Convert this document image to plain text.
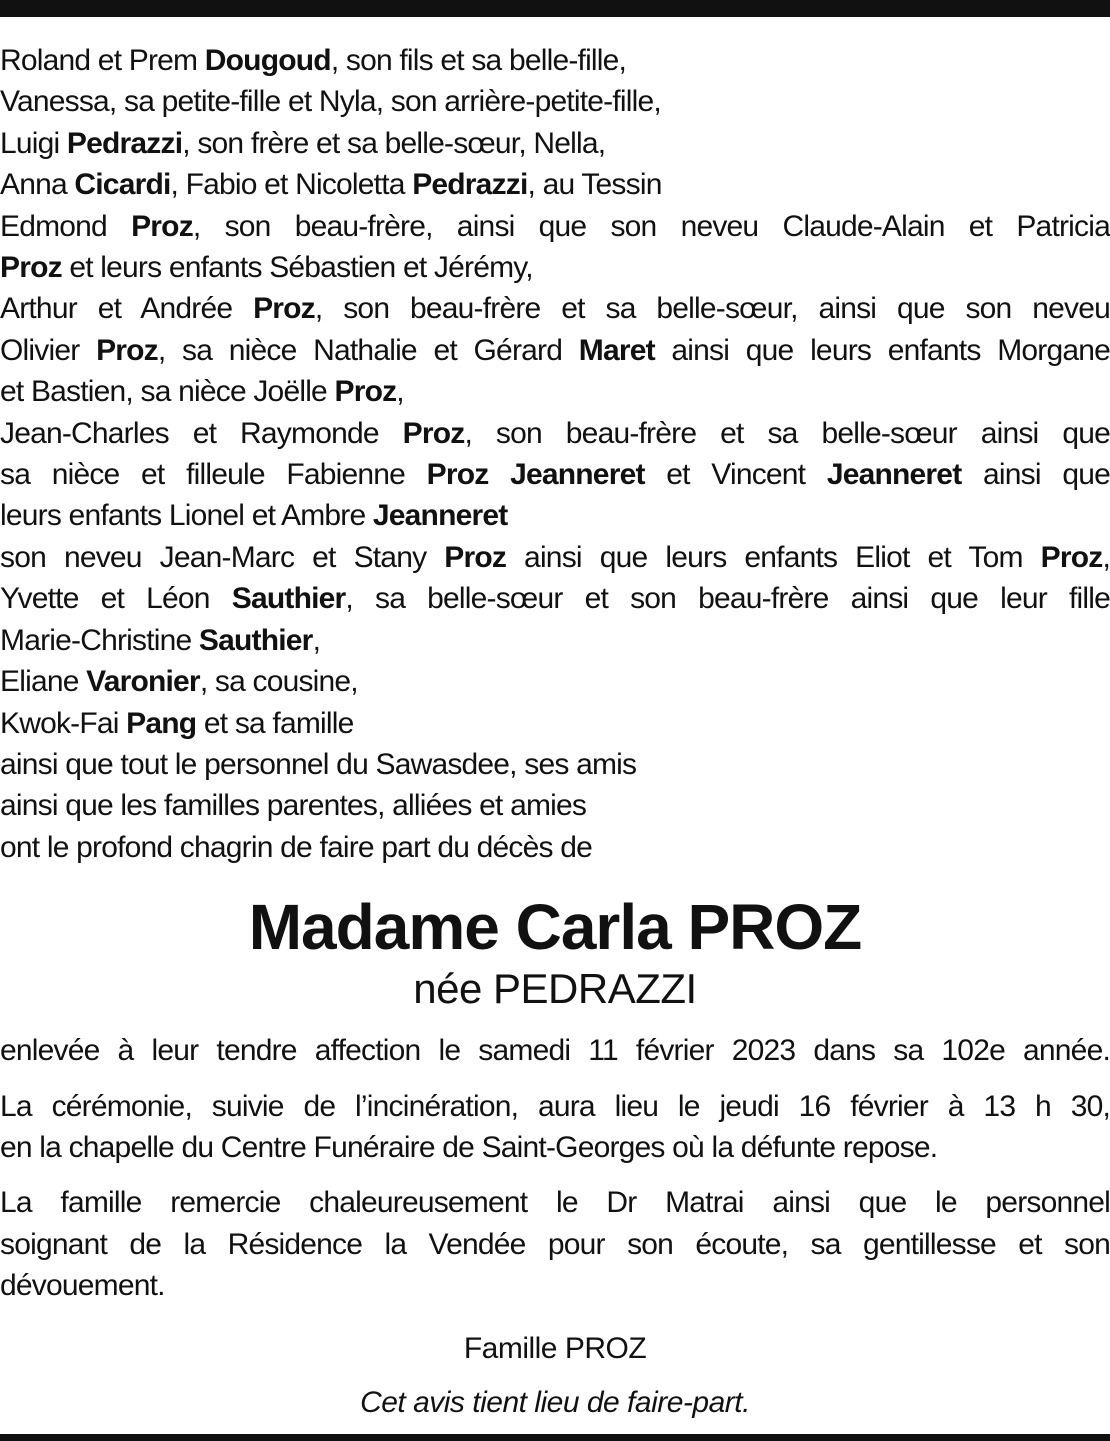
Roland et Prem Dougoud, son fils et sa belle-fille,
Vanessa, sa petite-fille et Nyla, son arrière-petite-fille,
Luigi Pedrazzi, son frère et sa belle-sœur, Nella,
Anna Cicardi, Fabio et Nicoletta Pedrazzi, au Tessin
Edmond Proz, son beau-frère, ainsi que son neveu Claude-Alain et Patricia
Proz et leurs enfants Sébastien et Jérémy,
Arthur et Andrée Proz, son beau-frère et sa belle-sœur, ainsi que son neveu
Olivier Proz, sa nièce Nathalie et Gérard Maret ainsi que leurs enfants Morgane
et Bastien, sa nièce Joëlle Proz,
Jean-Charles et Raymonde Proz, son beau-frère et sa belle-sœur ainsi que
sa nièce et filleule Fabienne Proz Jeanneret et Vincent Jeanneret ainsi que
leurs enfants Lionel et Ambre Jeanneret
son neveu Jean-Marc et Stany Proz ainsi que leurs enfants Eliot et Tom Proz,
Yvette et Léon Sauthier, sa belle-sœur et son beau-frère ainsi que leur fille
Marie-Christine Sauthier,
Eliane Varonier, sa cousine,
Kwok-Fai Pang et sa famille
ainsi que tout le personnel du Sawasdee, ses amis
ainsi que les familles parentes, alliées et amies
ont le profond chagrin de faire part du décès de
Madame Carla PROZ
née PEDRAZZI
enlevée à leur tendre affection le samedi 11 février 2023 dans sa 102e année.
La cérémonie, suivie de l’incinération, aura lieu le jeudi 16 février à 13 h 30,
en la chapelle du Centre Funéraire de Saint-Georges où la défunte repose.
La famille remercie chaleureusement le Dr Matrai ainsi que le personnel
soignant de la Résidence la Vendée pour son écoute, sa gentillesse et son
dévouement.
Famille PROZ
Cet avis tient lieu de faire-part.
